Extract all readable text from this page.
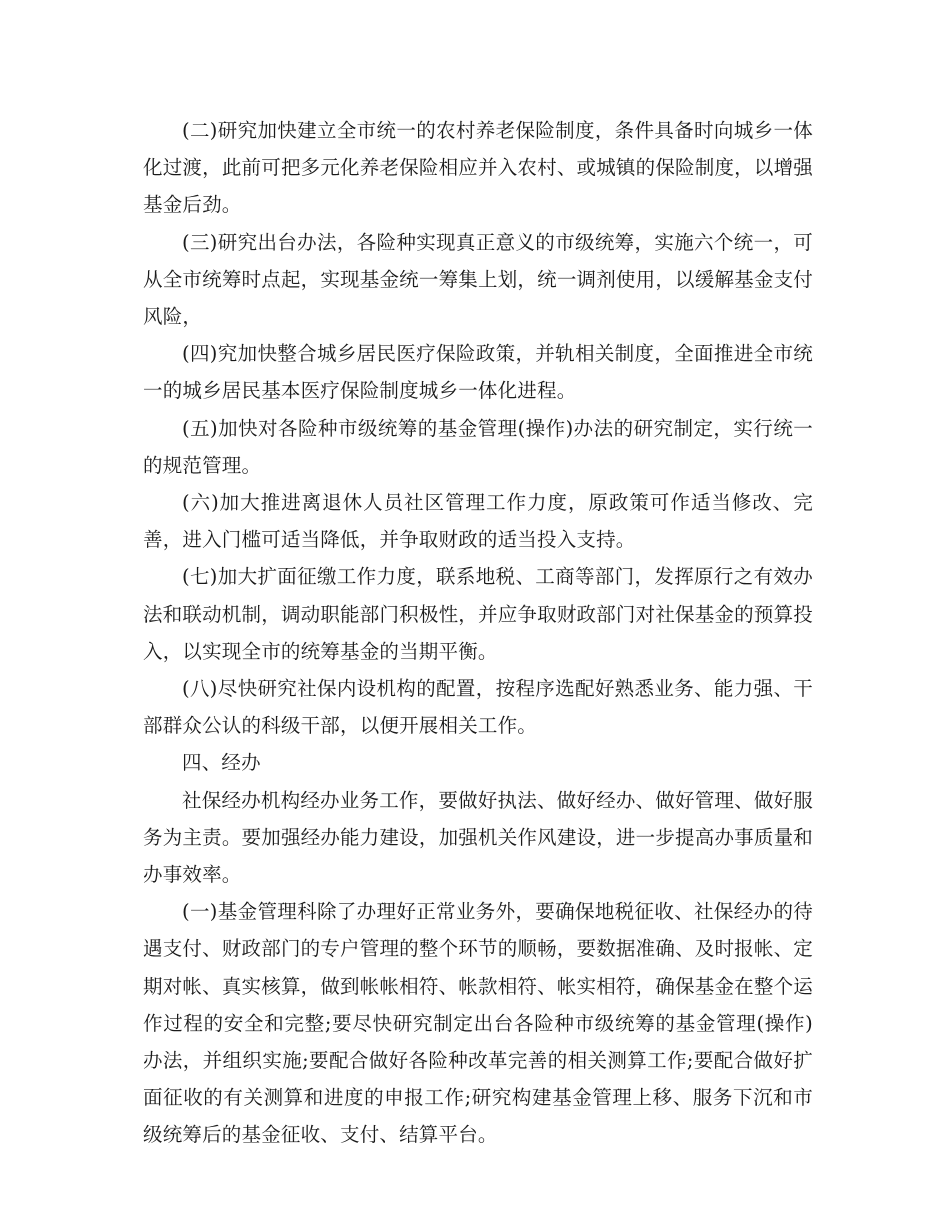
(二)研究加快建立全市统一的农村养老保险制度，条件具备时向城乡一体化过渡，此前可把多元化养老保险相应并入农村、或城镇的保险制度，以增强基金后劲。

(三)研究出台办法，各险种实现真正意义的市级统筹，实施六个统一，可从全市统筹时点起，实现基金统一筹集上划，统一调剂使用，以缓解基金支付风险，

(四)究加快整合城乡居民医疗保险政策，并轨相关制度，全面推进全市统一的城乡居民基本医疗保险制度城乡一体化进程。

(五)加快对各险种市级统筹的基金管理(操作)办法的研究制定，实行统一的规范管理。

(六)加大推进离退休人员社区管理工作力度，原政策可作适当修改、完善，进入门槛可适当降低，并争取财政的适当投入支持。

(七)加大扩面征缴工作力度，联系地税、工商等部门，发挥原行之有效办法和联动机制，调动职能部门积极性，并应争取财政部门对社保基金的预算投入，以实现全市的统筹基金的当期平衡。

(八)尽快研究社保内设机构的配置，按程序选配好熟悉业务、能力强、干部群众公认的科级干部，以便开展相关工作。

四、经办

社保经办机构经办业务工作，要做好执法、做好经办、做好管理、做好服务为主责。要加强经办能力建设，加强机关作风建设，进一步提高办事质量和办事效率。

(一)基金管理科除了办理好正常业务外，要确保地税征收、社保经办的待遇支付、财政部门的专户管理的整个环节的顺畅，要数据准确、及时报帐、定期对帐、真实核算，做到帐帐相符、帐款相符、帐实相符，确保基金在整个运作过程的安全和完整;要尽快研究制定出台各险种市级统筹的基金管理(操作)办法，并组织实施;要配合做好各险种改革完善的相关测算工作;要配合做好扩面征收的有关测算和进度的申报工作;研究构建基金管理上移、服务下沉和市级统筹后的基金征收、支付、结算平台。
